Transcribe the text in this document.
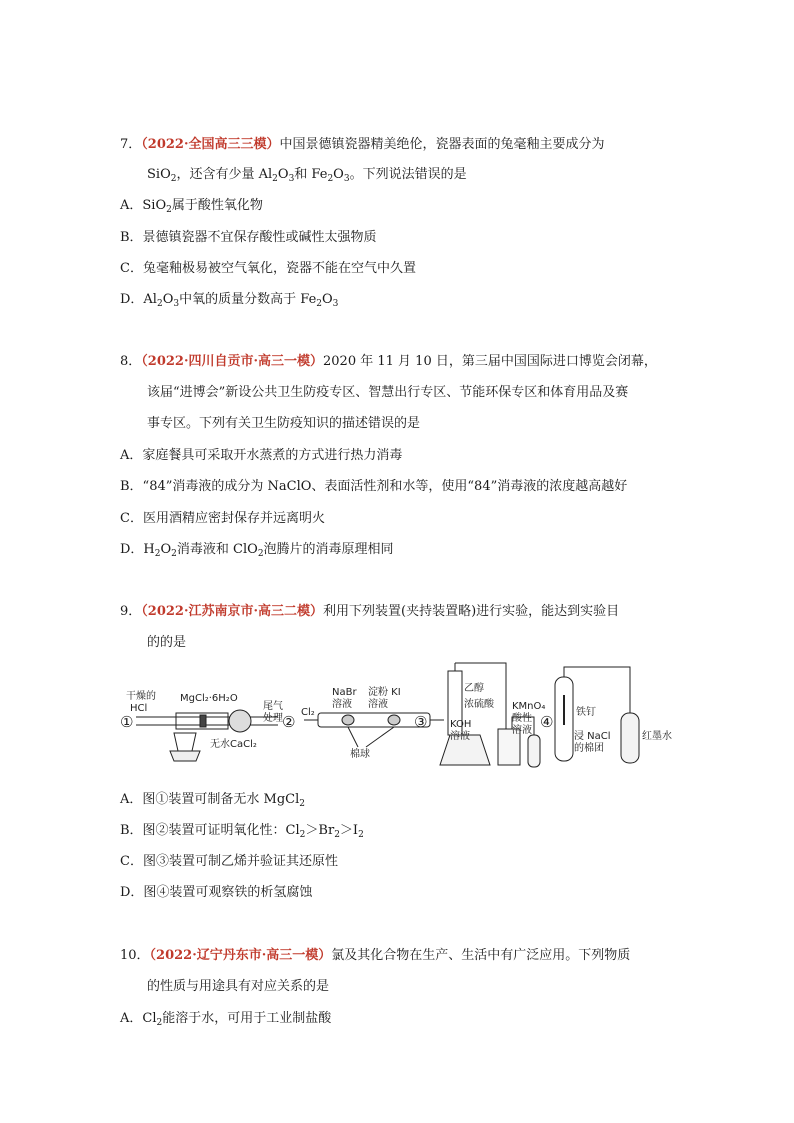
7．（2022·全国高三三模）中国景德镇瓷器精美绝伦，瓷器表面的兔毫釉主要成分为
SiO$_2$，还含有少量 $Al_2O_3$和 $Fe_2O_3$。下列说法错误的是
A．SiO$_2$属于酸性氧化物
B．景德镇瓷器不宜保存酸性或碱性太强物质
C．兔毫釉极易被空气氧化，瓷器不能在空气中久置
D．$Al_2O_3$中氧的质量分数高于 $Fe_2O_3$
8．（2022·四川自贡市·高三一模）2020 年 11 月 10 日，第三届中国国际进口博览会闭幕，
该届“进博会”新设公共卫生防疫专区、智慧出行专区、节能环保专区和体育用品及赛
事专区。下列有关卫生防疫知识的描述错误的是
A．家庭餐具可采取开水蒸煮的方式进行热力消毒
B．“84”消毒液的成分为 NaClO、表面活性剂和水等，使用“84”消毒液的浓度越高越好
C．医用酒精应密封保存并远离明火
D．$H_2O_2$消毒液和 ClO$_2$泡腾片的消毒原理相同
9．（2022·江苏南京市·高三二模）利用下列装置(夹持装置略)进行实验，能达到实验目
的的是
①
干燥的
HCl
MgCl₂·6H₂O
无水CaCl₂
尾气
处理 ②
Cl₂
NaBr
溶液
淀粉 KI
溶液
棉球
③
乙醇
浓硫酸
KOH
溶液
KMnO₄
酸性
溶液 ④
铁钉
浸 NaCl
的棉团
红墨水
A．图①装置可制备无水 MgCl$_2$
B．图②装置可证明氧化性：$Cl_2>Br_2>I_2$
C．图③装置可制乙烯并验证其还原性
D．图④装置可观察铁的析氢腐蚀
10．（2022·辽宁丹东市·高三一模）氯及其化合物在生产、生活中有广泛应用。下列物质
的性质与用途具有对应关系的是
A．$Cl_2$能溶于水，可用于工业制盐酸
